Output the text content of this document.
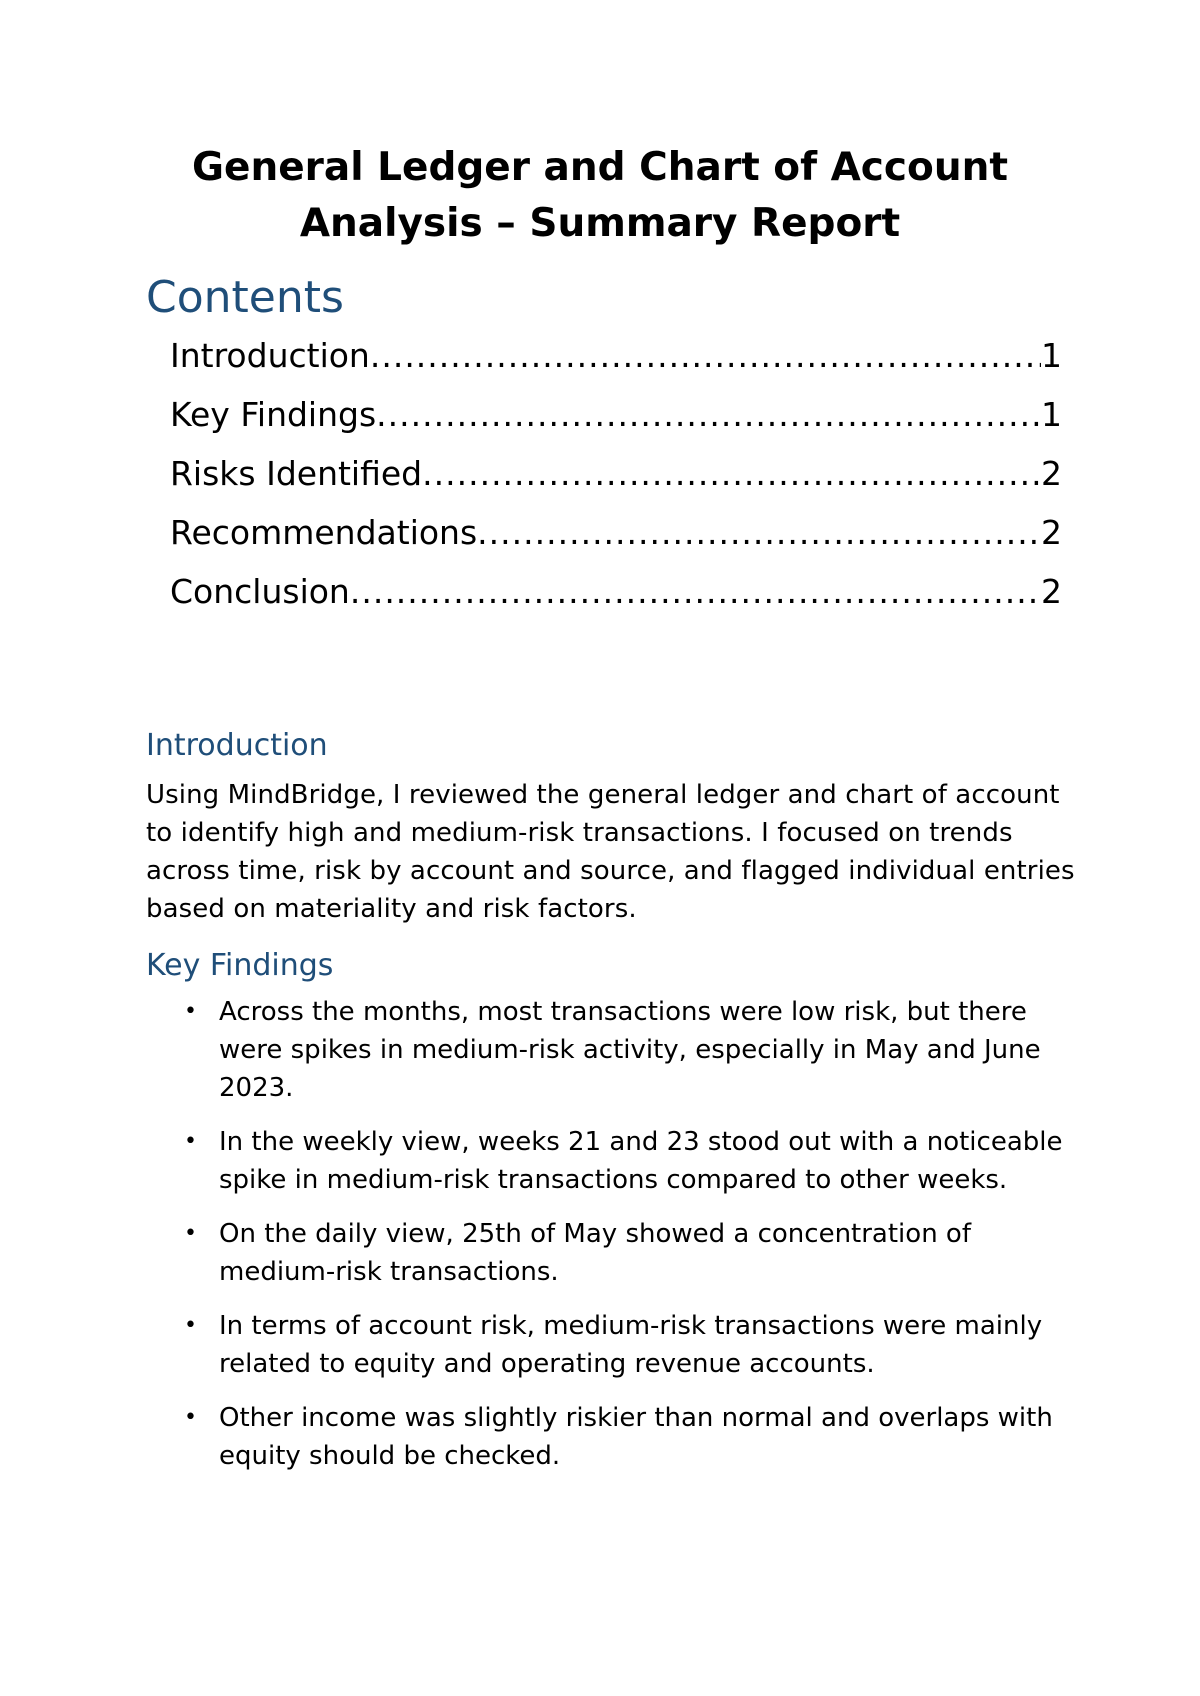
General Ledger and Chart of Account
Analysis – Summary Report
Contents
Introduction .....	1
Key Findings .....	1
Risks Identified .....	2
Recommendations .....	2
Conclusion .....	2
Introduction

Using MindBridge, I reviewed the general ledger and chart of account to identify high and medium-risk transactions. I focused on trends across time, risk by account and source, and flagged individual entries based on materiality and risk factors.

Key Findings
• Across the months, most transactions were low risk, but there were spikes in medium-risk activity, especially in May and June 2023.
• In the weekly view, weeks 21 and 23 stood out with a noticeable spike in medium-risk transactions compared to other weeks.
• On the daily view, 25th of May showed a concentration of medium-risk transactions.
• In terms of account risk, medium-risk transactions were mainly related to equity and operating revenue accounts.
• Other income was slightly riskier than normal and overlaps with equity should be checked.
